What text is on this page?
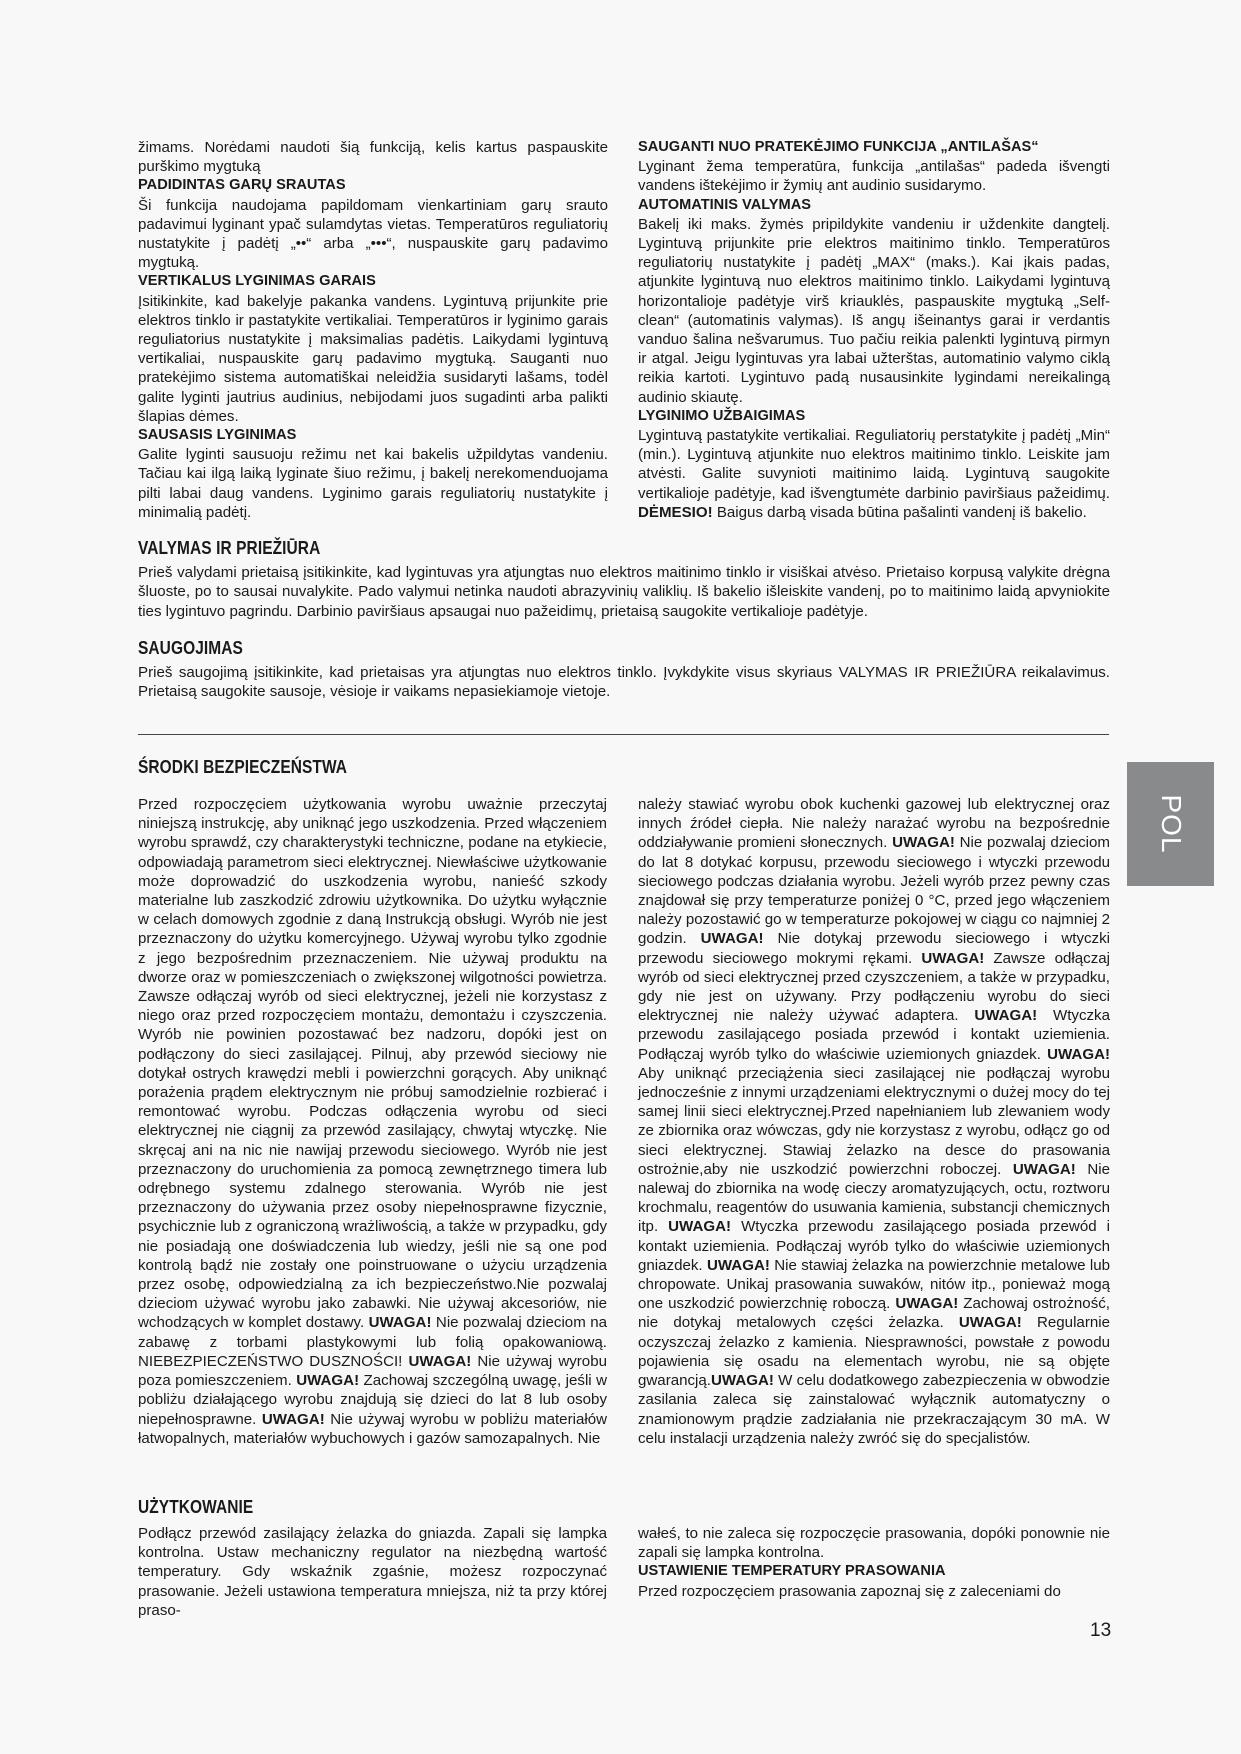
žimams. Norėdami naudoti šią funkciją, kelis kartus paspauskite purškimo mygtuką

PADIDINTAS GARŲ SRAUTAS

Ši funkcija naudojama papildomam vienkartiniam garų srauto padavimui lyginant ypač sulamdytas vietas. Temperatūros reguliatorių nustatykite į padėtį „••“ arba „•••“, nuspauskite garų padavimo mygtuką.

VERTIKALUS LYGINIMAS GARAIS

Įsitikinkite, kad bakelyje pakanka vandens. Lygintuvą prijunkite prie elektros tinklo ir pastatykite vertikaliai. Temperatūros ir lyginimo garais reguliatorius nustatykite į maksimalias padėtis. Laikydami lygintuvą vertikaliai, nuspauskite garų padavimo mygtuką. Sauganti nuo pratekėjimo sistema automatiškai neleidžia susidaryti lašams, todėl galite lyginti jautrius audinius, nebijodami juos sugadinti arba palikti šlapias dėmes.

SAUSASIS LYGINIMAS

Galite lyginti sausuoju režimu net kai bakelis užpildytas vandeniu. Tačiau kai ilgą laiką lyginate šiuo režimu, į bakelį nerekomenduojama pilti labai daug vandens. Lyginimo garais reguliatorių nustatykite į minimalią padėtį.

SAUGANTI NUO PRATEKĖJIMO FUNKCIJA „ANTILAŠAS“

Lyginant žema temperatūra, funkcija „antilašas“ padeda išvengti vandens ištekėjimo ir žymių ant audinio susidarymo.

AUTOMATINIS VALYMAS

Bakelį iki maks. žymės pripildykite vandeniu ir uždenkite dangtelį. Lygintuvą prijunkite prie elektros maitinimo tinklo. Temperatūros reguliatorių nustatykite į padėtį „MAX“ (maks.). Kai įkais padas, atjunkite lygintuvą nuo elektros maitinimo tinklo. Laikydami lygintuvą horizontalioje padėtyje virš kriauklės, paspauskite mygtuką „Self-clean“ (automatinis valymas). Iš angų išeinantys garai ir verdantis vanduo šalina nešvarumus. Tuo pačiu reikia palenkti lygintuvą pirmyn ir atgal. Jeigu lygintuvas yra labai užterštas, automatinio valymo ciklą reikia kartoti. Lygintuvo padą nusausinkite lygindami nereikalingą audinio skiautę.

LYGINIMO UŽBAIGIMAS

Lygintuvą pastatykite vertikaliai. Reguliatorių perstatykite į padėtį „Min“ (min.). Lygintuvą atjunkite nuo elektros maitinimo tinklo. Leiskite jam atvėsti. Galite suvynioti maitinimo laidą. Lygintuvą saugokite vertikalioje padėtyje, kad išvengtumėte darbinio paviršiaus pažeidimų. DĖMESIO! Baigus darbą visada būtina pašalinti vandenį iš bakelio.

VALYMAS IR PRIEŽIŪRA

Prieš valydami prietaisą įsitikinkite, kad lygintuvas yra atjungtas nuo elektros maitinimo tinklo ir visiškai atvėso. Prietaiso korpusą valykite drėgna šluoste, po to sausai nuvalykite. Pado valymui netinka naudoti abrazyvinių valiklių. Iš bakelio išleiskite vandenį, po to maitinimo laidą apvyniokite ties lygintuvo pagrindu. Darbinio paviršiaus apsaugai nuo pažeidimų, prietaisą saugokite vertikalioje padėtyje.

SAUGOJIMAS

Prieš saugojimą įsitikinkite, kad prietaisas yra atjungtas nuo elektros tinklo. Įvykdykite visus skyriaus VALYMAS IR PRIEŽIŪRA reikalavimus. Prietaisą saugokite sausoje, vėsioje ir vaikams nepasiekiamoje vietoje.

ŚRODKI BEZPIECZEŃSTWA

Przed rozpoczęciem użytkowania wyrobu uważnie przeczytaj niniejszą instrukcję, aby uniknąć jego uszkodzenia. Przed włączeniem wyrobu sprawdź, czy charakterystyki techniczne, podane na etykiecie, odpowiadają parametrom sieci elektrycznej. Niewłaściwe użytkowanie może doprowadzić do uszkodzenia wyrobu, nanieść szkody materialne lub zaszkodzić zdrowiu użytkownika. Do użytku wyłącznie w celach domowych zgodnie z daną Instrukcją obsługi. Wyrób nie jest przeznaczony do użytku komercyjnego. Używaj wyrobu tylko zgodnie z jego bezpośrednim przeznaczeniem. Nie używaj produktu na dworze oraz w pomieszczeniach o zwiększonej wilgotności powietrza. Zawsze odłączaj wyrób od sieci elektrycznej, jeżeli nie korzystasz z niego oraz przed rozpoczęciem montażu, demontażu i czyszczenia. Wyrób nie powinien pozostawać bez nadzoru, dopóki jest on podłączony do sieci zasilającej. Pilnuj, aby przewód sieciowy nie dotykał ostrych krawędzi mebli i powierzchni gorących. Aby uniknąć porażenia prądem elektrycznym nie próbuj samodzielnie rozbierać i remontować wyrobu. Podczas odłączenia wyrobu od sieci elektrycznej nie ciągnij za przewód zasilający, chwytaj wtyczkę. Nie skręcaj ani na nic nie nawijaj przewodu sieciowego. Wyrób nie jest przeznaczony do uruchomienia za pomocą zewnętrznego timera lub odrębnego systemu zdalnego sterowania. Wyrób nie jest przeznaczony do używania przez osoby niepełnosprawne fizycznie, psychicznie lub z ograniczoną wrażliwością, a także w przypadku, gdy nie posiadają one doświadczenia lub wiedzy, jeśli nie są one pod kontrolą bądź nie zostały one poinstruowane o użyciu urządzenia przez osobę, odpowiedzialną za ich bezpieczeństwo.Nie pozwalaj dzieciom używać wyrobu jako zabawki. Nie używaj akcesoriów, nie wchodzących w komplet dostawy. UWAGA! Nie pozwalaj dzieciom na zabawę z torbami plastykowymi lub folią opakowaniową. NIEBEZPIECZEŃSTWO DUSZNOŚCI! UWAGA! Nie używaj wyrobu poza pomieszczeniem. UWAGA! Zachowaj szczególną uwagę, jeśli w pobliżu działającego wyrobu znajdują się dzieci do lat 8 lub osoby niepełnosprawne. UWAGA! Nie używaj wyrobu w pobliżu materiałów łatwopalnych, materiałów wybuchowych i gazów samozapalnych. Nie

należy stawiać wyrobu obok kuchenki gazowej lub elektrycznej oraz innych źródeł ciepła. Nie należy narażać wyrobu na bezpośrednie oddziaływanie promieni słonecznych. UWAGA! Nie pozwalaj dzieciom do lat 8 dotykać korpusu, przewodu sieciowego i wtyczki przewodu sieciowego podczas działania wyrobu. Jeżeli wyrób przez pewny czas znajdował się przy temperaturze poniżej 0 °C, przed jego włączeniem należy pozostawić go w temperaturze pokojowej w ciągu co najmniej 2 godzin. UWAGA! Nie dotykaj przewodu sieciowego i wtyczki przewodu sieciowego mokrymi rękami. UWAGA! Zawsze odłączaj wyrób od sieci elektrycznej przed czyszczeniem, a także w przypadku, gdy nie jest on używany. Przy podłączeniu wyrobu do sieci elektrycznej nie należy używać adaptera. UWAGA! Wtyczka przewodu zasilającego posiada przewód i kontakt uziemienia. Podłączaj wyrób tylko do właściwie uziemionych gniazdek. UWAGA! Aby uniknąć przeciążenia sieci zasilającej nie podłączaj wyrobu jednocześnie z innymi urządzeniami elektrycznymi o dużej mocy do tej samej linii sieci elektrycznej.Przed napełnianiem lub zlewaniem wody ze zbiornika oraz wówczas, gdy nie korzystasz z wyrobu, odłącz go od sieci elektrycznej. Stawiaj żelazko na desce do prasowania ostrożnie,aby nie uszkodzić powierzchni roboczej. UWAGA! Nie nalewaj do zbiornika na wodę cieczy aromatyzujących, octu, roztworu krochmalu, reagentów do usuwania kamienia, substancji chemicznych itp. UWAGA! Wtyczka przewodu zasilającego posiada przewód i kontakt uziemienia. Podłączaj wyrób tylko do właściwie uziemionych gniazdek. UWAGA! Nie stawiaj żelazka na powierzchnie metalowe lub chropowate. Unikaj prasowania suwaków, nitów itp., ponieważ mogą one uszkodzić powierzchnię roboczą. UWAGA! Zachowaj ostrożność, nie dotykaj metalowych części żelazka. UWAGA! Regularnie oczyszczaj żelazko z kamienia. Niesprawności, powstałe z powodu pojawienia się osadu na elementach wyrobu, nie są objęte gwarancją.UWAGA! W celu dodatkowego zabezpieczenia w obwodzie zasilania zaleca się zainstalować wyłącznik automatyczny o znamionowym prądzie zadziałania nie przekraczającym 30 mA. W celu instalacji urządzenia należy zwróć się do specjalistów.

UŻYTKOWANIE

Podłącz przewód zasilający żelazka do gniazda. Zapali się lampka kontrolna. Ustaw mechaniczny regulator na niezbędną wartość temperatury. Gdy wskaźnik zgaśnie, możesz rozpoczynać prasowanie. Jeżeli ustawiona temperatura mniejsza, niż ta przy której praso-

wałeś, to nie zaleca się rozpoczęcie prasowania, dopóki ponownie nie zapali się lampka kontrolna.

USTAWIENIE TEMPERATURY PRASOWANIA

Przed rozpoczęciem prasowania zapoznaj się z zaleceniami do

POL
13
